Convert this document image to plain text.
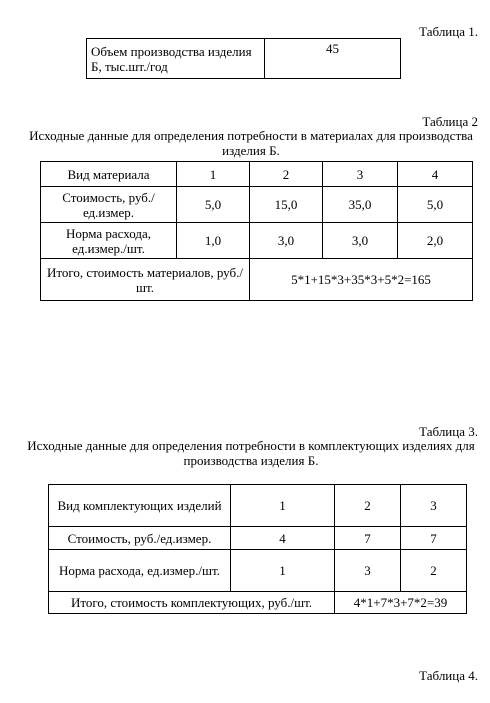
Таблица 1.
Объем производства изделия Б, тыс.шт./год	45
Таблица 2
Исходные данные для определения потребности в материалах для производства изделия Б.
Вид материала	1	2	3	4
Стоимость, руб./ед.измер.	5,0	15,0	35,0	5,0
Норма расхода, ед.измер./шт.	1,0	3,0	3,0	2,0
Итого, стоимость материалов, руб./шт.		5*1+15*3+35*3+5*2=165		
Таблица 3.
Исходные данные для определения потребности в комплектующих изделиях для производства изделия Б.
Вид комплектующих изделий	1	2	3
Стоимость, руб./ед.измер.	4	7	7
Норма расхода, ед.измер./шт.	1	3	2
Итого, стоимость комплектующих, руб./шт.		4*1+7*3+7*2=39	
Таблица 4.
